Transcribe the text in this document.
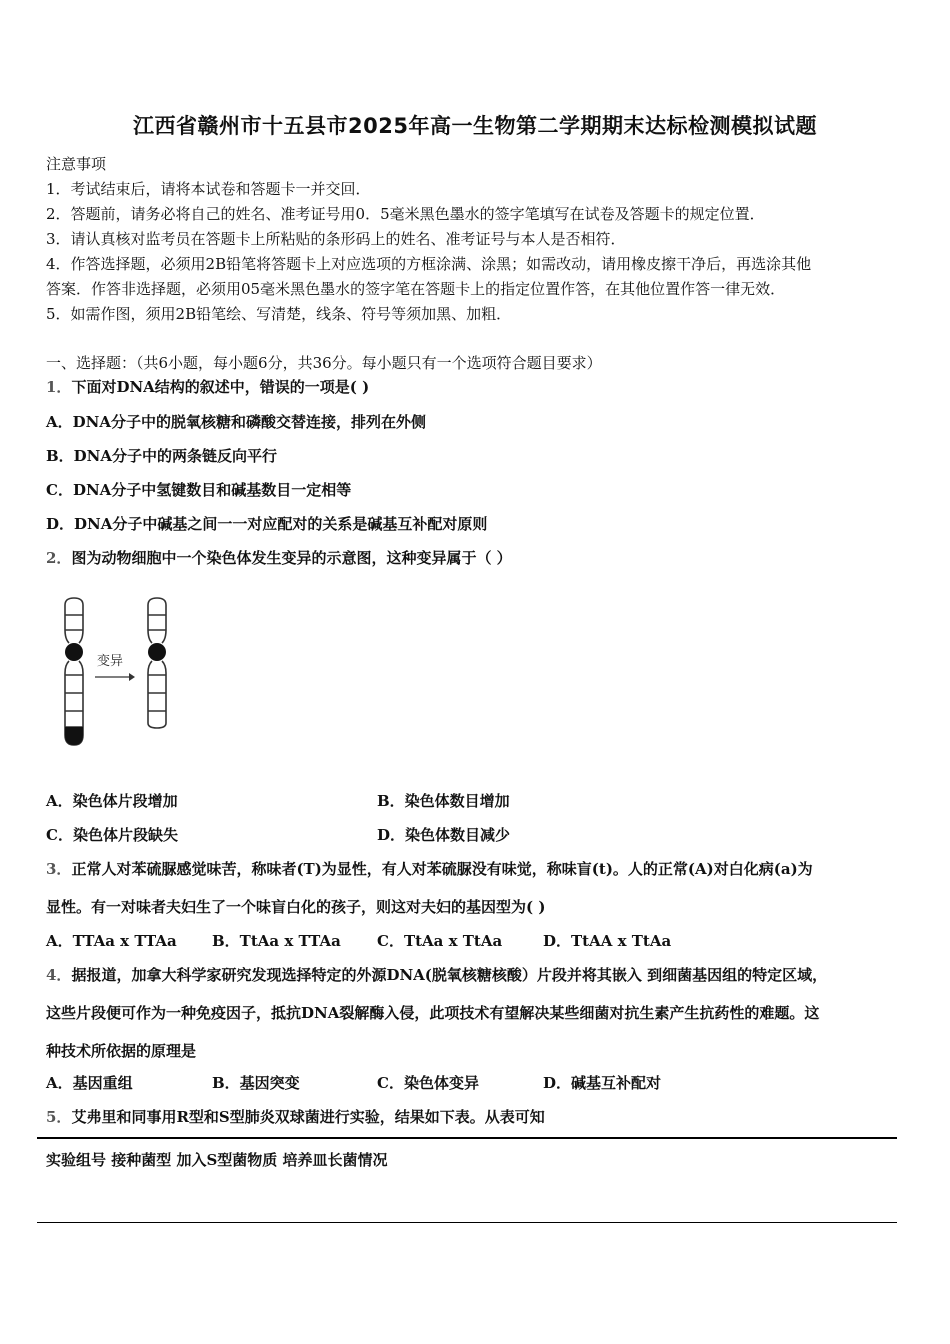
江西省赣州市十五县市2025年高一生物第二学期期末达标检测模拟试题
注意事项
1．考试结束后，请将本试卷和答题卡一并交回．
2．答题前，请务必将自己的姓名、准考证号用0．5毫米黑色墨水的签字笔填写在试卷及答题卡的规定位置．
3．请认真核对监考员在答题卡上所粘贴的条形码上的姓名、准考证号与本人是否相符．
4．作答选择题，必须用2B铅笔将答题卡上对应选项的方框涂满、涂黑；如需改动，请用橡皮擦干净后，再选涂其他
答案．作答非选择题，必须用05毫米黑色墨水的签字笔在答题卡上的指定位置作答，在其他位置作答一律无效．
5．如需作图，须用2B铅笔绘、写清楚，线条、符号等须加黑、加粗．
一、选择题：（共6小题，每小题6分，共36分。每小题只有一个选项符合题目要求）
1．下面对DNA结构的叙述中，错误的一项是( )
A．DNA分子中的脱氧核糖和磷酸交替连接，排列在外侧
B．DNA分子中的两条链反向平行
C．DNA分子中氢键数目和碱基数目一定相等
D．DNA分子中碱基之间一一对应配对的关系是碱基互补配对原则
2．图为动物细胞中一个染色体发生变异的示意图，这种变异属于（ ）
变异
A．染色体片段增加	B．染色体数目增加
C．染色体片段缺失	D．染色体数目减少
3．正常人对苯硫脲感觉味苦，称味者(T)为显性，有人对苯硫脲没有味觉，称味盲(t)。人的正常(A)对白化病(a)为
显性。有一对味者夫妇生了一个味盲白化的孩子，则这对夫妇的基因型为( )
A．TTAa x TTAa B．TtAa x TTAa C．TtAa x TtAa	D．TtAA x TtAa
4．据报道，加拿大科学家研究发现选择特定的外源DNA(脱氧核糖核酸）片段并将其嵌入 到细菌基因组的特定区域，
这些片段便可作为一种免疫因子，抵抗DNA裂解酶入侵，此项技术有望解决某些细菌对抗生素产生抗药性的难题。这
种技术所依据的原理是
A．基因重组	B．基因突变	C．染色体变异	D．碱基互补配对
5．艾弗里和同事用R型和S型肺炎双球菌进行实验，结果如下表。从表可知
实验组号 接种菌型 加入S型菌物质 培养皿长菌情况
